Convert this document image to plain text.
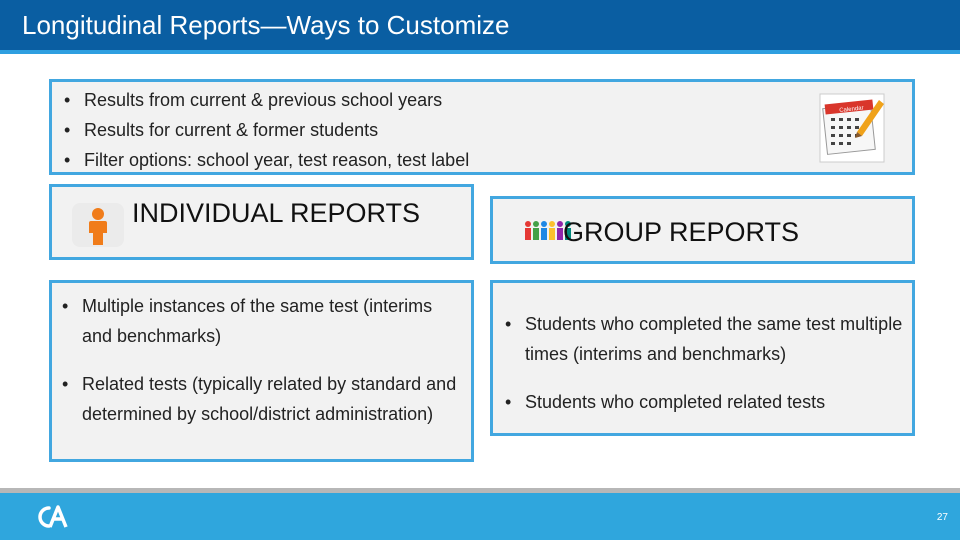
Longitudinal Reports—Ways to Customize
• Results from current & previous school years
• Results for current & former students
• Filter options: school year, test reason, test label
Calendar
INDIVIDUAL REPORTS
GROUP REPORTS
• Multiple instances of the same test (interims and benchmarks)
• Related tests (typically related by standard and determined by school/district administration)
• Students who completed the same test multiple times (interims and benchmarks)
• Students who completed related tests
27
